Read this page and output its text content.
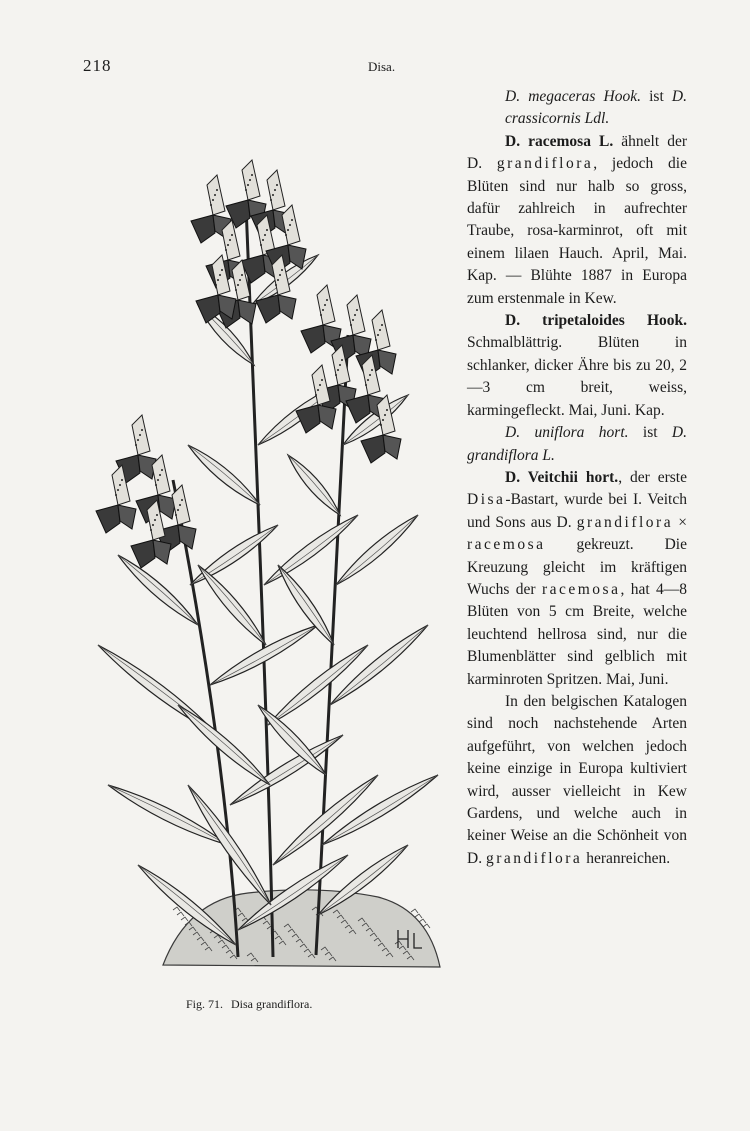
218	Disa.
Fig. 71. Disa grandiflora.

D. megaceras Hook. ist D. crassicornis Ldl.

D. racemosa L. ähnelt der D. grandiflora, jedoch die Blüten sind nur halb so gross, dafür zahlreich in aufrechter Traube, rosa-karminrot, oft mit einem lilaen Hauch. April, Mai. Kap. — Blühte 1887 in Europa zum erstenmale in Kew.

D. tripetaloides Hook. Schmalblättrig. Blüten in schlanker, dicker Ähre bis zu 20, 2—3 cm breit, weiss, karmingefleckt. Mai, Juni. Kap.

D. uniflora hort. ist D. grandiflora L.

D. Veitchii hort., der erste Disa-Bastart, wurde bei I. Veitch und Sons aus D. grandiflora × racemosa gekreuzt. Die Kreuzung gleicht im kräftigen Wuchs der racemosa, hat 4—8 Blüten von 5 cm Breite, welche leuchtend hellrosa sind, nur die Blumenblätter sind gelblich mit karminroten Spritzen. Mai, Juni.

In den belgischen Katalogen sind noch nachstehende Arten aufgeführt, von welchen jedoch keine einzige in Europa kultiviert wird, ausser vielleicht in Kew Gardens, und welche auch in keiner Weise an die Schönheit von D. grandiflora heranreichen.
